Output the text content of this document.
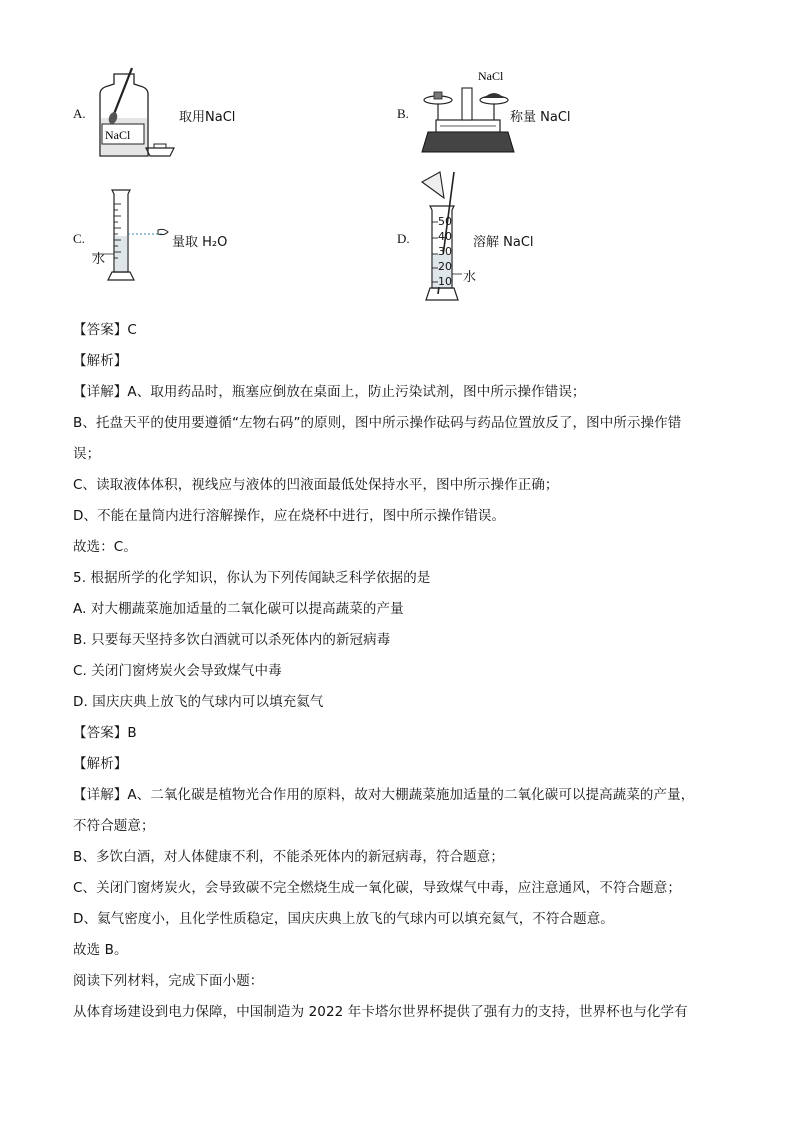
A.
NaCl
取用NaCl	B.
NaCl
称量 NaCl
C.
水
量取 H₂O	D.
50
40
30
20
10 水
溶解 NaCl
【答案】C
【解析】
【详解】A、取用药品时，瓶塞应倒放在桌面上，防止污染试剂，图中所示操作错误；
B、托盘天平的使用要遵循“左物右码”的原则，图中所示操作砝码与药品位置放反了，图中所示操作错
误；
C、读取液体体积，视线应与液体的凹液面最低处保持水平，图中所示操作正确；
D、不能在量筒内进行溶解操作，应在烧杯中进行，图中所示操作错误。
故选：C。
5. 根据所学的化学知识，你认为下列传闻缺乏科学依据的是
A. 对大棚蔬菜施加适量的二氧化碳可以提高蔬菜的产量
B. 只要每天坚持多饮白酒就可以杀死体内的新冠病毒
C. 关闭门窗烤炭火会导致煤气中毒
D. 国庆庆典上放飞的气球内可以填充氦气
【答案】B
【解析】
【详解】A、二氧化碳是植物光合作用的原料，故对大棚蔬菜施加适量的二氧化碳可以提高蔬菜的产量，
不符合题意；
B、多饮白酒，对人体健康不利，不能杀死体内的新冠病毒，符合题意；
C、关闭门窗烤炭火，会导致碳不完全燃烧生成一氧化碳，导致煤气中毒，应注意通风，不符合题意；
D、氦气密度小，且化学性质稳定，国庆庆典上放飞的气球内可以填充氦气，不符合题意。
故选 B。
阅读下列材料，完成下面小题：
从体育场建设到电力保障，中国制造为 2022 年卡塔尔世界杯提供了强有力的支持，世界杯也与化学有
